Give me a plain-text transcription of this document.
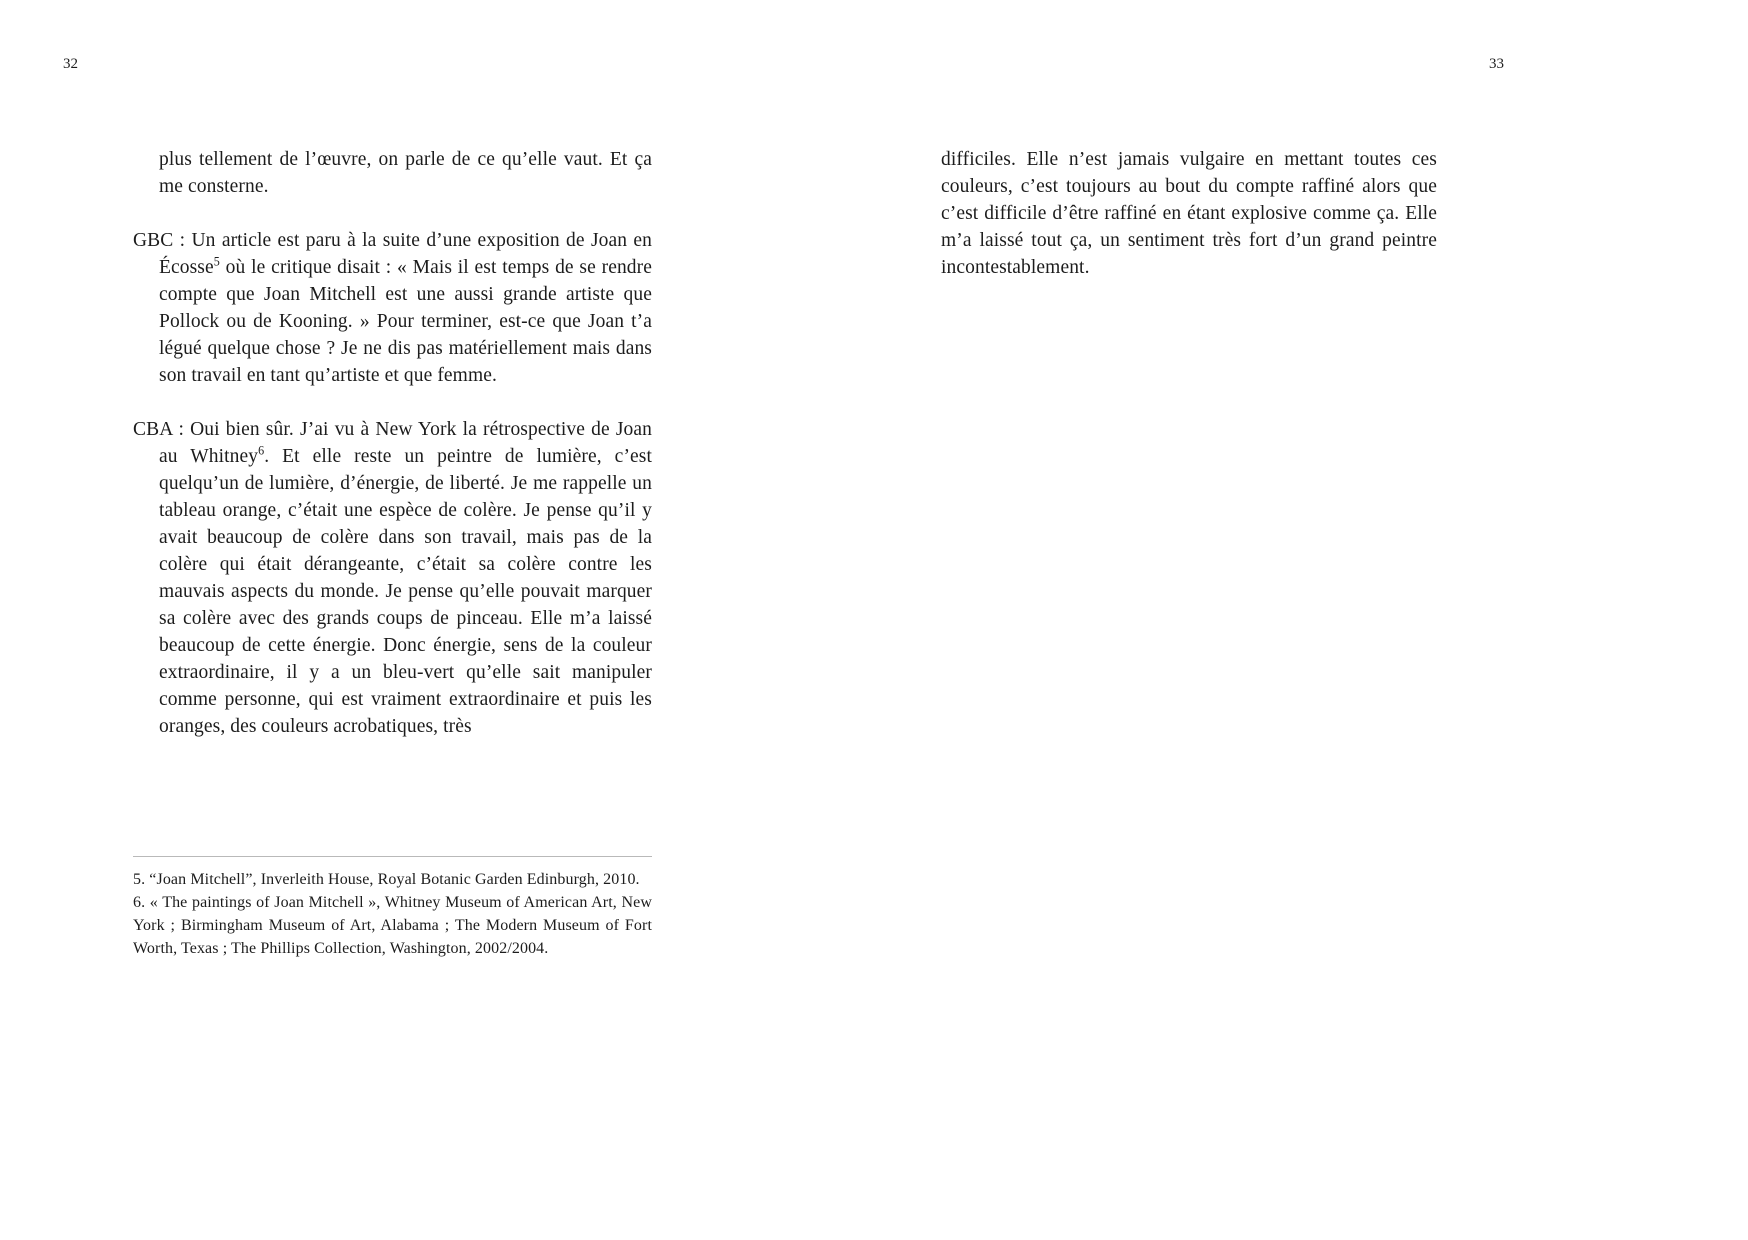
32	33

plus tellement de l’œuvre, on parle de ce qu’elle vaut. Et ça me consterne.

GBC : Un article est paru à la suite d’une exposition de Joan en Écosse$^5$ où le critique disait : « Mais il est temps de se rendre compte que Joan Mitchell est une aussi grande artiste que Pollock ou de Kooning. » Pour terminer, est-ce que Joan t’a légué quelque chose ? Je ne dis pas matériellement mais dans son travail en tant qu’artiste et que femme.

CBA : Oui bien sûr. J’ai vu à New York la rétrospective de Joan au Whitney$^6$. Et elle reste un peintre de lumière, c’est quelqu’un de lumière, d’énergie, de liberté. Je me rappelle un tableau orange, c’était une espèce de colère. Je pense qu’il y avait beaucoup de colère dans son travail, mais pas de la colère qui était dérangeante, c’était sa colère contre les mauvais aspects du monde. Je pense qu’elle pouvait marquer sa colère avec des grands coups de pinceau. Elle m’a laissé beaucoup de cette énergie. Donc énergie, sens de la couleur extraordinaire, il y a un bleu-vert qu’elle sait manipuler comme personne, qui est vraiment extraordinaire et puis les oranges, des couleurs acrobatiques, très

5. “Joan Mitchell”, Inverleith House, Royal Botanic Garden Edinburgh, 2010.

6. « The paintings of Joan Mitchell », Whitney Museum of American Art, New York ; Birmingham Museum of Art, Alabama ; The Modern Museum of Fort Worth, Texas ; The Phillips Collection, Washington, 2002/2004.

difficiles. Elle n’est jamais vulgaire en mettant toutes ces couleurs, c’est toujours au bout du compte raffiné alors que c’est difficile d’être raffiné en étant explosive comme ça. Elle m’a laissé tout ça, un sentiment très fort d’un grand peintre incontestablement.
